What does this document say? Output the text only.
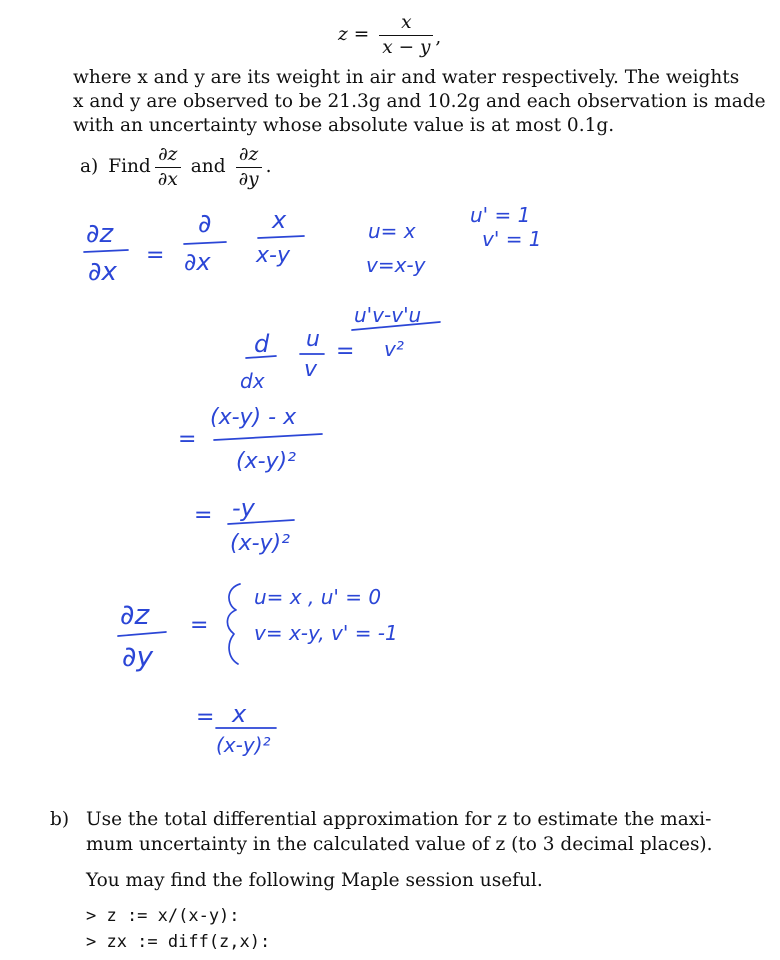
$z = \frac{x}{x - y}$ ,
where x and y are its weight in air and water respectively. The weights
x and y are observed to be 21.3g and 10.2g and each observation is made
with an uncertainty whose absolute value is at most 0.1g.
a) Find $\frac{\partial z}{\partial x}$ and $\frac{\partial z}{\partial y}$ .
∂z
∂x
=
∂
∂x
x
x-y
u= x
v=x-y
u' = 1
v' = 1
d
dx
u
v
=
u'v-v'u
v²
=
(x-y) - x
(x-y)²
= -y
(x-y)²
∂z
∂y
=
u= x , u' = 0
v= x-y, v' = -1
= x
(x-y)²
b) Use the total differential approximation for z to estimate the maxi-
mum uncertainty in the calculated value of z (to 3 decimal places).
You may find the following Maple session useful.
> z := x/(x-y):
> zx := diff(z,x):
